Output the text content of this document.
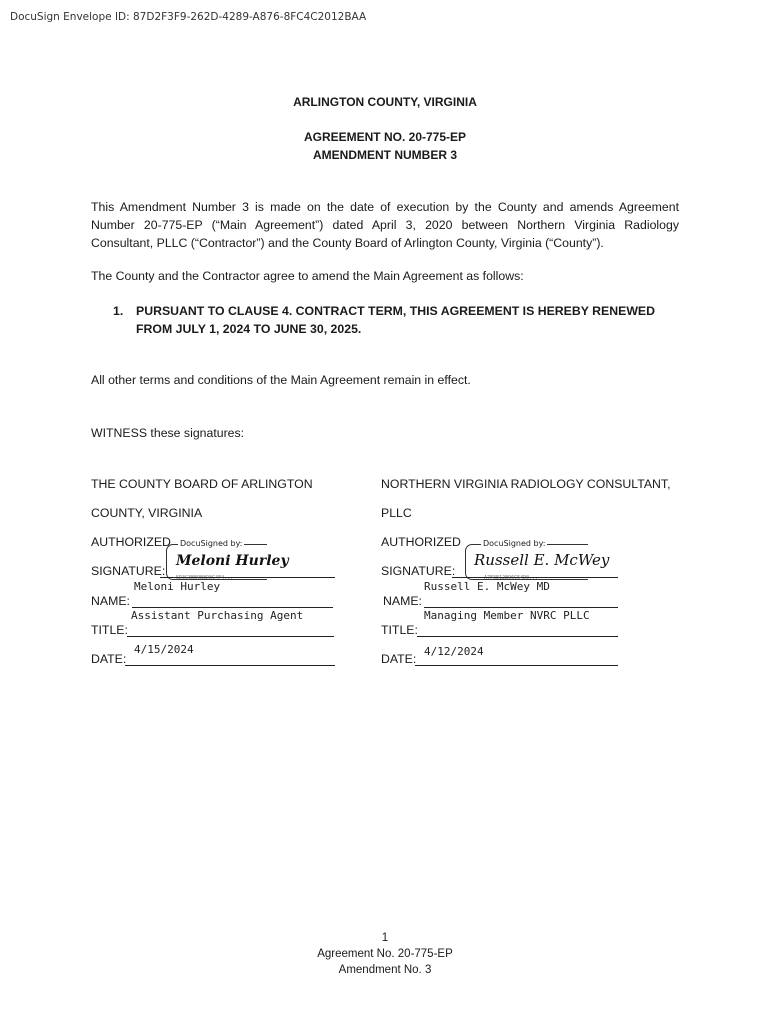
DocuSign Envelope ID: 87D2F3F9-262D-4289-A876-8FC4C2012BAA
ARLINGTON COUNTY, VIRGINIA
AGREEMENT NO. 20-775-EP
AMENDMENT NUMBER 3
This Amendment Number 3 is made on the date of execution by the County and amends Agreement Number 20-775-EP (“Main Agreement”) dated April 3, 2020 between Northern Virginia Radiology Consultant, PLLC (“Contractor”) and the County Board of Arlington County, Virginia (“County”).
The County and the Contractor agree to amend the Main Agreement as follows:
1. PURSUANT TO CLAUSE 4. CONTRACT TERM, THIS AGREEMENT IS HEREBY RENEWED FROM JULY 1, 2024 TO JUNE 30, 2025.
All other terms and conditions of the Main Agreement remain in effect.
WITNESS these signatures:
THE COUNTY BOARD OF ARLINGTON
COUNTY, VIRGINIA
AUTHORIZED DocuSigned by:
Meloni Hurley
5D3C3BB9B8D8C4F4...
SIGNATURE:
Meloni Hurley
NAME:
Assistant Purchasing Agent
TITLE:
4/15/2024
DATE:
NORTHERN VIRGINIA RADIOLOGY CONSULTANT,
PLLC
AUTHORIZED	DocuSigned by:
Russell E. McWey
A7F3E12B96C54D0...
SIGNATURE:
Russell E. McWey MD
NAME:
Managing Member NVRC PLLC
TITLE:
4/12/2024
DATE:
1
Agreement No. 20-775-EP
Amendment No. 3
